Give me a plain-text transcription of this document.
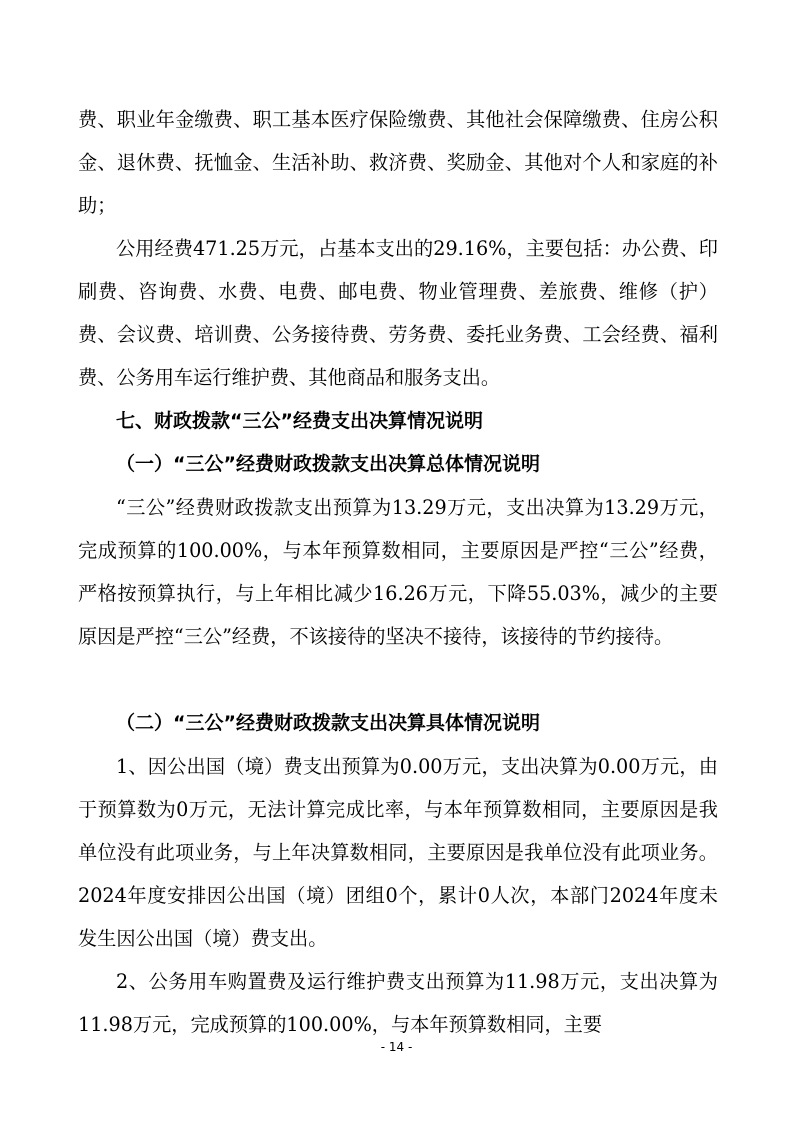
费、职业年金缴费、职工基本医疗保险缴费、其他社会保障缴费、住房公积金、退休费、抚恤金、生活补助、救济费、奖励金、其他对个人和家庭的补助；

公用经费471.25万元，占基本支出的29.16%，主要包括：办公费、印刷费、咨询费、水费、电费、邮电费、物业管理费、差旅费、维修（护）费、会议费、培训费、公务接待费、劳务费、委托业务费、工会经费、福利费、公务用车运行维护费、其他商品和服务支出。

七、财政拨款“三公”经费支出决算情况说明

（一）“三公”经费财政拨款支出决算总体情况说明

“三公”经费财政拨款支出预算为13.29万元，支出决算为13.29万元，完成预算的100.00%，与本年预算数相同，主要原因是严控“三公”经费，严格按预算执行，与上年相比减少16.26万元，下降55.03%，减少的主要原因是严控“三公”经费，不该接待的坚决不接待，该接待的节约接待。

（二）“三公”经费财政拨款支出决算具体情况说明

1、因公出国（境）费支出预算为0.00万元，支出决算为0.00万元，由于预算数为0万元，无法计算完成比率，与本年预算数相同，主要原因是我单位没有此项业务，与上年决算数相同，主要原因是我单位没有此项业务。2024年度安排因公出国（境）团组0个，累计0人次，本部门2024年度未发生因公出国（境）费支出。

2、公务用车购置费及运行维护费支出预算为11.98万元，支出决算为11.98万元，完成预算的100.00%，与本年预算数相同，主要

- 14 -
